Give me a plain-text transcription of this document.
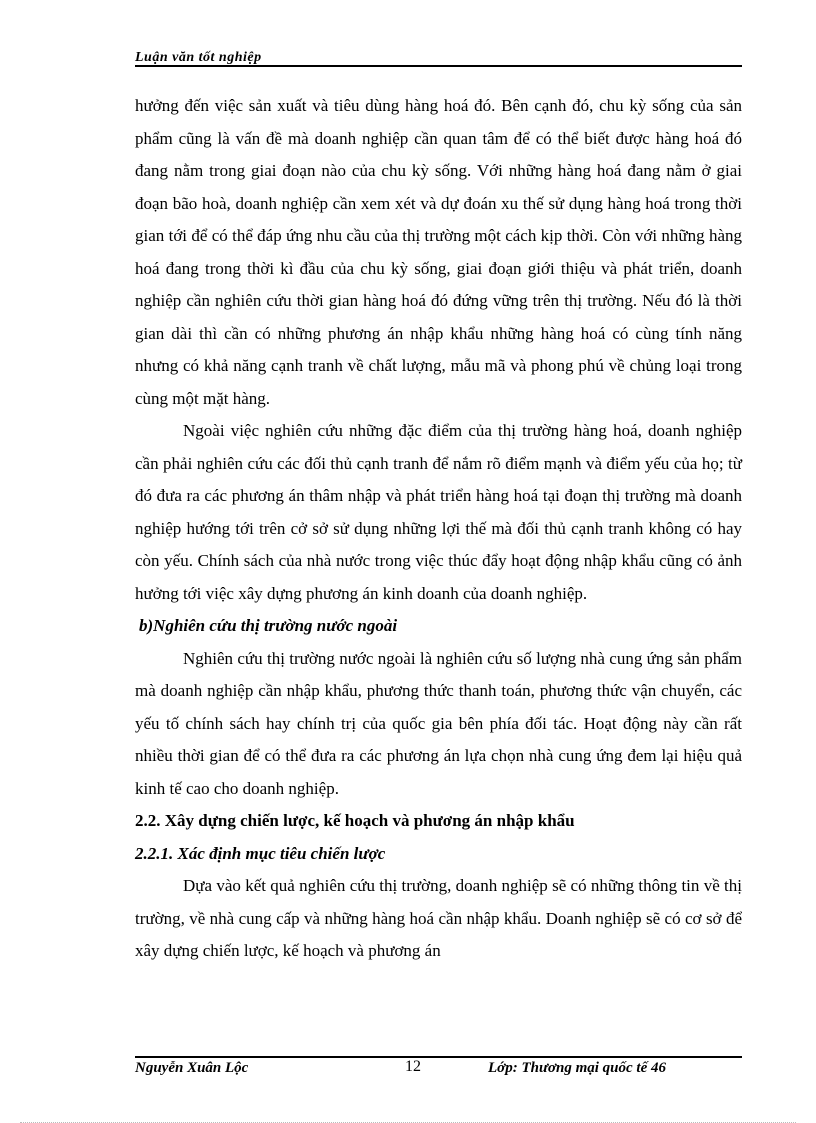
Luận văn tốt nghiệp

hưởng đến việc sản xuất và tiêu dùng hàng hoá đó. Bên cạnh đó, chu kỳ sống của sản phẩm cũng là vấn đề mà doanh nghiệp cần quan tâm để có thể biết được hàng hoá đó đang nằm trong giai đoạn nào của chu kỳ sống. Với những hàng hoá đang nằm ở giai đoạn bão hoà, doanh nghiệp cần xem xét và dự đoán xu thế sử dụng hàng hoá trong thời gian tới để có thể đáp ứng nhu cầu của thị trường một cách kịp thời. Còn với những hàng hoá đang trong thời kì đầu của chu kỳ sống, giai đoạn giới thiệu và phát triển, doanh nghiệp cần nghiên cứu thời gian hàng hoá đó đứng vững trên thị trường. Nếu đó là thời gian dài thì cần có những phương án nhập khẩu những hàng hoá có cùng tính năng nhưng có khả năng cạnh tranh về chất lượng, mẫu mã và phong phú về chủng loại trong cùng một mặt hàng.

Ngoài việc nghiên cứu những đặc điểm của thị trường hàng hoá, doanh nghiệp cần phải nghiên cứu các đối thủ cạnh tranh để nắm rõ điểm mạnh và điểm yếu của họ; từ đó đưa ra các phương án thâm nhập và phát triển hàng hoá tại đoạn thị trường mà doanh nghiệp hướng tới trên cở sở sử dụng những lợi thế mà đối thủ cạnh tranh không có hay còn yếu. Chính sách của nhà nước trong việc thúc đẩy hoạt động nhập khẩu cũng có ảnh hưởng tới việc xây dựng phương án kinh doanh của doanh nghiệp.

b)Nghiên cứu thị trường nước ngoài

Nghiên cứu thị trường nước ngoài là nghiên cứu số lượng nhà cung ứng sản phẩm mà doanh nghiệp cần nhập khẩu, phương thức thanh toán, phương thức vận chuyển, các yếu tố chính sách hay chính trị của quốc gia bên phía đối tác. Hoạt động này cần rất nhiều thời gian để có thể đưa ra các phương án lựa chọn nhà cung ứng đem lại hiệu quả kinh tế cao cho doanh nghiệp.

2.2. Xây dựng chiến lược, kế hoạch và phương án nhập khẩu

2.2.1. Xác định mục tiêu chiến lược

Dựa vào kết quả nghiên cứu thị trường, doanh nghiệp sẽ có những thông tin về thị trường, về nhà cung cấp và những hàng hoá cần nhập khẩu. Doanh nghiệp sẽ có cơ sở để xây dựng chiến lược, kế hoạch và phương án

Nguyễn Xuân Lộc	12	Lớp: Thương mại quốc tế 46
